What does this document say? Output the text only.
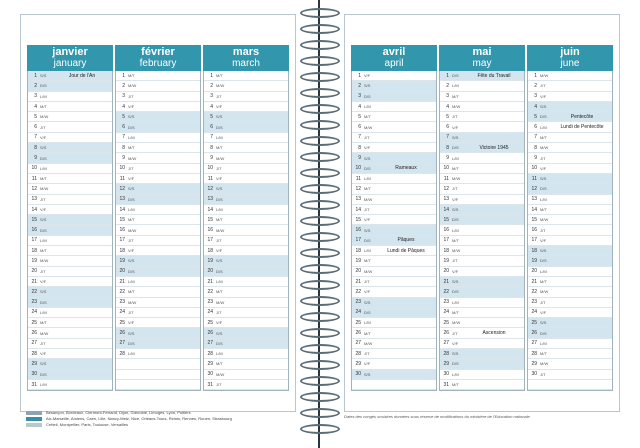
janvier
january
1 S/S	Jour de l'An
2 D/S
3 L/M
4 M/T
5 M/W
6 J/T
7 V/F
8 S/S
9 D/S
10 L/M
11 M/T
12 M/W
13 J/T
14 V/F
15 S/S
16 D/S
17 L/M
18 M/T
19 M/W
20 J/T
21 V/F
22 S/S
23 D/S
24 L/M
25 M/T
26 M/W
27 J/T
28 V/F
29 S/S
30 D/S
31 L/M
février
february
1 M/T
2 M/W
3 J/T
4 V/F
5 S/S
6 D/S
7 L/M
8 M/T
9 M/W
10 J/T
11 V/F
12 S/S
13 D/S
14 L/M
15 M/T
16 M/W
17 J/T
18 V/F
19 S/S
20 D/S
21 L/M
22 M/T
23 M/W
24 J/T
25 V/F
26 S/S
27 D/S
28 L/M
mars
march
1 M/T
2 M/W
3 J/T
4 V/F
5 S/S
6 D/S
7 L/M
8 M/T
9 M/W
10 J/T
11 V/F
12 S/S
13 D/S
14 L/M
15 M/T
16 M/W
17 J/T
18 V/F
19 S/S
20 D/S
21 L/M
22 M/T
23 M/W
24 J/T
25 V/F
26 S/S
27 D/S
28 L/M
29 M/T
30 M/W
31 J/T
avril
april
1 V/F
2 S/S
3 D/S
4 L/M
5 M/T
6 M/W
7 J/T
8 V/F
9 S/S
10 D/S	Rameaux
11 L/M
12 M/T
13 M/W
14 J/T
15 V/F
16 S/S
17 D/S	Pâques
18 L/M	Lundi de Pâques
19 M/T
20 M/W
21 J/T
22 V/F
23 S/S
24 D/S
25 L/M
26 M/T
27 M/W
28 J/T
29 V/F
30 S/S
mai
may
1 D/S	Fête du Travail
2 L/M
3 M/T
4 M/W
5 J/T
6 V/F
7 S/S
8 D/S	Victoire 1945
9 L/M
10 M/T
11 M/W
12 J/T
13 V/F
14 S/S
15 D/S
16 L/M
17 M/T
18 M/W
19 J/T
20 V/F
21 S/S
22 D/S
23 L/M
24 M/T
25 M/W
26 J/T	Ascension
27 V/F
28 S/S
29 D/S
30 L/M
31 M/T
juin
june
1 M/W
2 J/T
3 V/F
4 S/S
5 D/S	Pentecôte
6 L/M	Lundi de Pentecôte
7 M/T
8 M/W
9 J/T
10 V/F
11 S/S
12 D/S
13 L/M
14 M/T
15 M/W
16 J/T
17 V/F
18 S/S
19 D/S
20 L/M
21 M/T
22 M/W
23 J/T
24 V/F
25 S/S
26 D/S
27 L/M
28 M/T
29 M/W
30 J/T
Besançon, Bordeaux, Clermont-Ferrand, Dijon, Grenoble, Limoges, Lyon, Poitiers
Aix-Marseille, Amiens, Caen, Lille, Nancy-Metz, Nice, Orléans-Tours, Reims, Rennes, Rouen, Strasbourg
Créteil, Montpellier, Paris, Toulouse, Versailles
Dates des congés scolaires données sous réserve de modifications du ministère de l'Education nationale.
